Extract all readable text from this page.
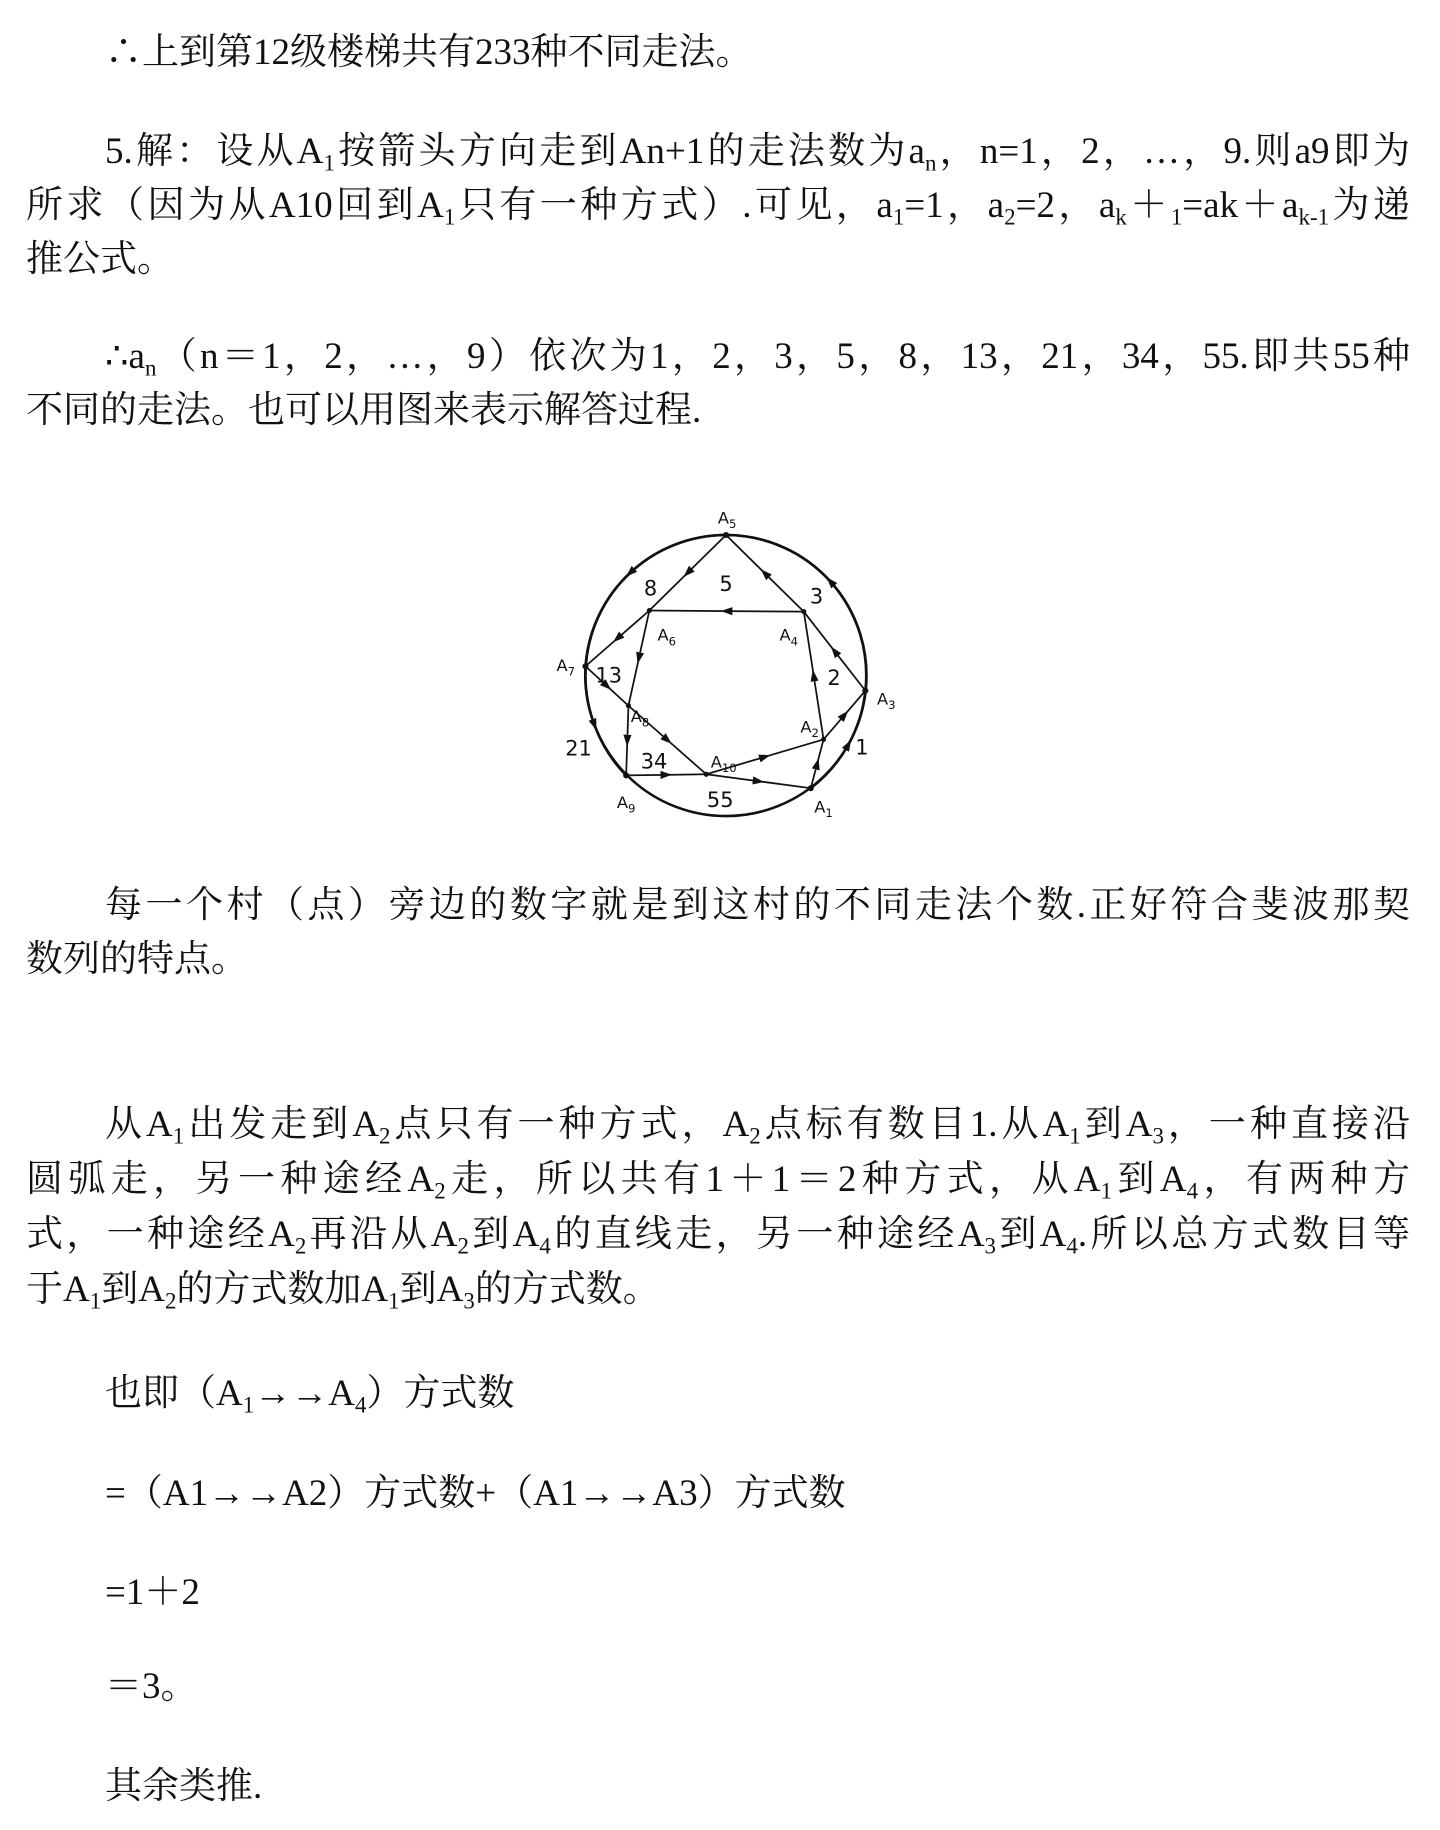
∴上到第12级楼梯共有233种不同走法。
5.解：设从$A_1$按箭头方向走到An+1的走法数为$a_n$，n=1，2，…，9.则a9即为
所求（因为从A10回到$A_1$只有一种方式）.可见，$a_1=1$，$a_2=2$，$a_k+_1=ak+a_{k-1}$为递
推公式。
$\therefore a_n(n=1$，2，…，9）依次为1，2，3，5，8，13，21，34，55.即共55种
不同的走法。也可以用图来表示解答过程.
$A_1$
$A_2$
$A_3$
$A_4$
$A_5$
$A_6$
$A_7$
$A_8$
$A_9$
$A_{10}$
1
2
3
5
8
13
21
34
55
每一个村（点）旁边的数字就是到这村的不同走法个数.正好符合斐波那契
数列的特点。
从$A_1$出发走到$A_2$点只有一种方式，$A_2$点标有数目1.从$A_1$到$A_3$，一种直接沿
圆弧走，另一种途经$A_2$走，所以共有1＋1＝2种方式，从$A_1$到$A_4$，有两种方
式，一种途经$A_2$再沿从$A_2$到$A_4$的直线走，另一种途经$A_3$到$A_4$.所以总方式数目等
于$A_1$到$A_2$的方式数加$A_1$到$A_3$的方式数。
也即$(A_1\to\to A_4)$方式数
=（A1→→A2）方式数+（A1→→A3）方式数
=1＋2
＝3。
其余类推.
